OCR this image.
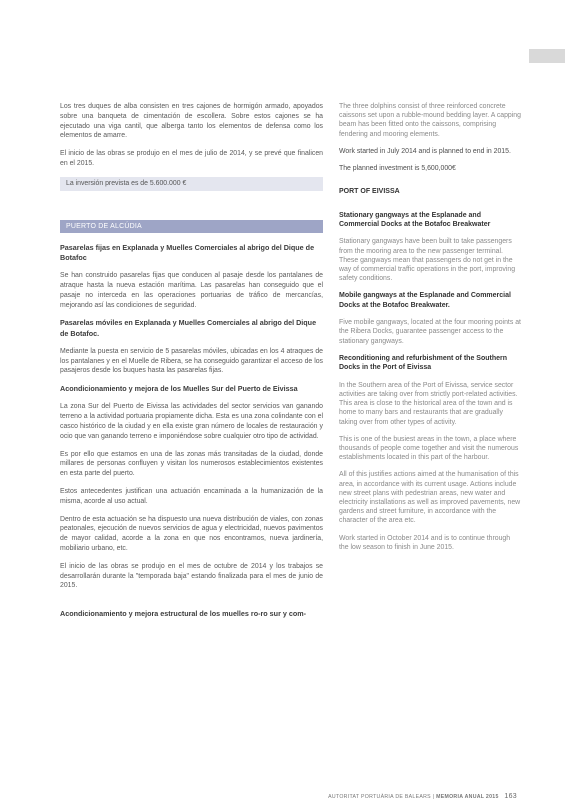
Los tres duques de alba consisten en tres cajones de hormigón armado, apoyados sobre una banqueta de cimentación de escollera. Sobre estos cajones se ha ejecutado una viga cantil, que alberga tanto los elementos de defensa como los elementos de amarre.

El inicio de las obras se produjo en el mes de julio de 2014, y se prevé que finalicen en el 2015.

La inversión prevista es de 5.600.000 €
PUERTO DE ALCÚDIA

Pasarelas fijas en Explanada y Muelles Comerciales al abrigo del Dique de Botafoc

Se han construido pasarelas fijas que conducen al pasaje desde los pantalanes de atraque hasta la nueva estación marítima. Las pasarelas han conseguido que el pasaje no interceda en las operaciones portuarias de tráfico de mercancías, mejorando así las condiciones de seguridad.

Pasarelas móviles en Explanada y Muelles Comerciales al abrigo del Dique de Botafoc.

Mediante la puesta en servicio de 5 pasarelas móviles, ubicadas en los 4 atraques de los pantalanes y en el Muelle de Ribera, se ha conseguido garantizar el acceso de los pasajeros desde los buques hasta las pasarelas fijas.

Acondicionamiento y mejora de los Muelles Sur del Puerto de Eivissa

La zona Sur del Puerto de Eivissa las actividades del sector servicios van ganando terreno a la actividad portuaria propiamente dicha. Esta es una zona colindante con el casco histórico de la ciudad y en ella existe gran número de locales de restauración y ocio que van ganando terreno e imponiéndose sobre cualquier otro tipo de actividad.

Es por ello que estamos en una de las zonas más transitadas de la ciudad, donde millares de personas confluyen y visitan los numerosos establecimientos existentes en esta parte del puerto.

Estos antecedentes justifican una actuación encaminada a la humanización de la misma, acorde al uso actual.

Dentro de esta actuación se ha dispuesto una nueva distribución de viales, con zonas peatonales, ejecución de nuevos servicios de agua y electricidad, nuevos pavimentos de mayor calidad, acorde a la zona en que nos encontramos, nueva jardinería, mobiliario urbano, etc.

El inicio de las obras se produjo en el mes de octubre de 2014 y los trabajos se desarrollarán durante la "temporada baja" estando finalizada para el mes de junio de 2015.

Acondicionamiento y mejora estructural de los muelles ro-ro sur y com-

The three dolphins consist of three reinforced concrete caissons set upon a rubble-mound bedding layer. A capping beam has been fitted onto the caissons, comprising fendering and mooring elements.

Work started in July 2014 and is planned to end in 2015.

The planned investment is 5,600,000€

PORT OF EIVISSA

Stationary gangways at the Esplanade and Commercial Docks at the Botafoc Breakwater

Stationary gangways have been built to take passengers from the mooring area to the new passenger terminal. These gangways mean that passengers do not get in the way of commercial traffic operations in the port, improving safety conditions.

Mobile gangways at the Esplanade and Commercial Docks at the Botafoc Breakwater.

Five mobile gangways, located at the four mooring points at the Ribera Docks, guarantee passenger access to the stationary gangways.

Reconditioning and refurbishment of the Southern Docks in the Port of Eivissa

In the Southern area of the Port of Eivissa, service sector activities are taking over from strictly port-related activities. This area is close to the historical area of the town and is home to many bars and restaurants that are gradually taking over from other types of activity.

This is one of the busiest areas in the town, a place where thousands of people come together and visit the numerous establishments located in this part of the harbour.

All of this justifies actions aimed at the humanisation of this area, in accordance with its current usage. Actions include new street plans with pedestrian areas, new water and electricity installations as well as improved pavements, new gardens and street furniture, in accordance with the character of the area etc.

Work started in October 2014 and is to continue through the low season to finish in June 2015.

AUTORITAT PORTUÀRIA DE BALEARS | MEMORIA ANUAL 2015 163
